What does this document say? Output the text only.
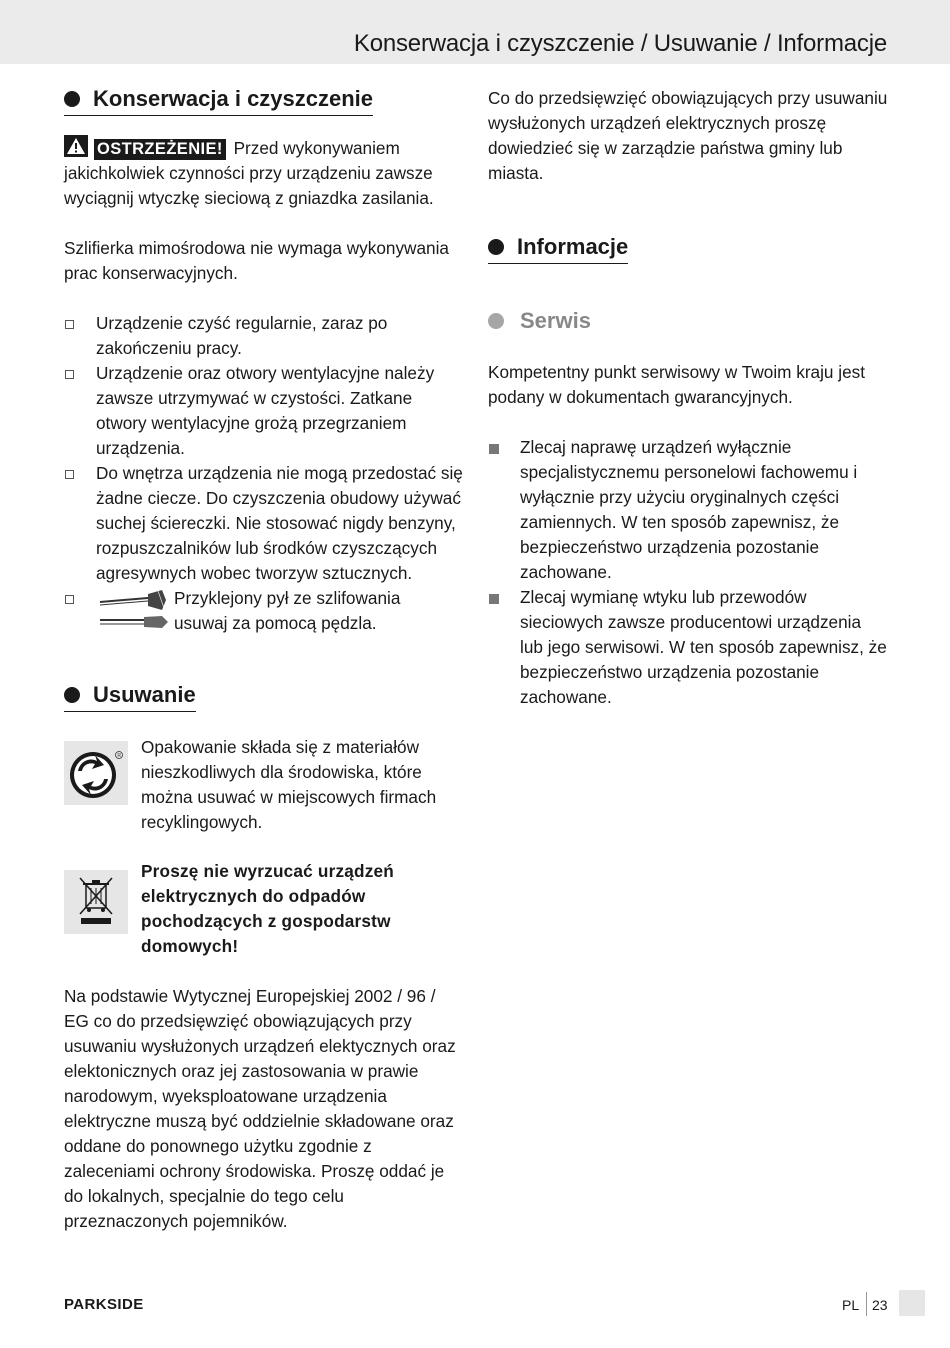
Konserwacja i czyszczenie / Usuwanie / Informacje
Konserwacja i czyszczenie

OSTRZEŻENIE! Przed wykonywaniem jakichkolwiek czynności przy urządzeniu zawsze wyciągnij wtyczkę sieciową z gniazdka zasilania.

Szlifierka mimośrodowa nie wymaga wykonywania prac konserwacyjnych.

Urządzenie czyść regularnie, zaraz po zakończeniu pracy.
Urządzenie oraz otwory wentylacyjne należy zawsze utrzymywać w czystości. Zatkane otwory wentylacyjne grożą przegrzaniem urządzenia.
Do wnętrza urządzenia nie mogą przedostać się żadne ciecze. Do czyszczenia obudowy używać suchej ściereczki. Nie stosować nigdy benzyny, rozpuszczalników lub środków czyszczących agresywnych wobec tworzyw sztucznych.
Przyklejony pył ze szlifowania usuwaj za pomocą pędzla.
Usuwanie
R Opakowanie składa się z materiałów nieszkodliwych dla środowiska, które można usuwać w miejscowych firmach recyklingowych.

Proszę nie wyrzucać urządzeń elektrycznych do odpadów pochodzących z gospodarstw domowych!

Na podstawie Wytycznej Europejskiej 2002 / 96 / EG co do przedsięwzięć obowiązujących przy usuwaniu wysłużonych urządzeń elektycznych oraz elektonicznych oraz jej zastosowania w prawie narodowym, wyeksploatowane urządzenia elektryczne muszą być oddzielnie składowane oraz oddane do ponownego użytku zgodnie z zaleceniami ochrony środowiska. Proszę oddać je do lokalnych, specjalnie do tego celu przeznaczonych pojemników.

Co do przedsięwzięć obowiązujących przy usuwaniu wysłużonych urządzeń elektrycznych proszę dowiedzieć się w zarządzie państwa gminy lub miasta.

Informacje
Serwis

Kompetentny punkt serwisowy w Twoim kraju jest podany w dokumentach gwarancyjnych.

Zlecaj naprawę urządzeń wyłącznie specjalistycznemu personelowi fachowemu i wyłącznie przy użyciu oryginalnych części zamiennych. W ten sposób zapewnisz, że bezpieczeństwo urządzenia pozostanie zachowane.
Zlecaj wymianę wtyku lub przewodów sieciowych zawsze producentowi urządzenia lub jego serwisowi. W ten sposób zapewnisz, że bezpieczeństwo urządzenia pozostanie zachowane.
PARKSIDE	PL 23
